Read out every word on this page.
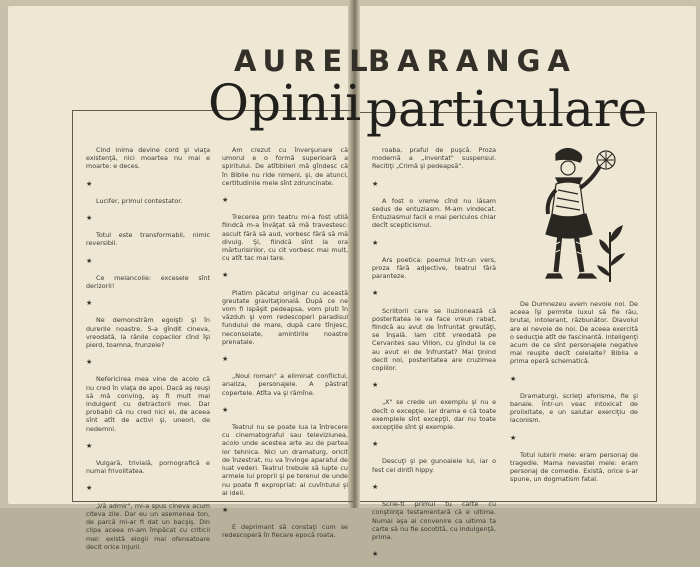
AUREL
BARANGA
Opinii particulare

Cind inima devine cord şi viaţa existenţă, nici moartea nu mai e moarte: e deces.

★

Lucifer, primul contestator.

★

Totul este transformabil, nimic reversibil.

★

Ce melancolie: excesele sînt derizorii!

★

Ne demonstrăm egoişti şi în durerile noastre. S-a gîndit cineva, vreodată, la rănile copacilor cînd îşi pierd, toamna, frunzele?

★

Nefericirea mea vine de acolo că nu cred în viaţa de apoi. Dacă aş reuşi să mă conving, aş fi mult mai indulgent cu detractorii mei. Dar probabil că nu cred nici ei, de aceea sînt atît de activi şi, uneori, de nedemni.

★

Vulgară, trivială, pornografică e numai frivolitatea.

★

„Vă admir", mi-a spus cineva acum citeva zile. Dar eu un asemenea ton, de parcă mi-ar fi dat un bacşiş. Din clipa aceea m-am împăcat cu criticii mei: există elogii mai ofensatoare decit orice injurii.

Am crezut cu înverşunare că umorul e o formă superioară a spiritului. De atîtiblieri mă gîndesc că în Biblie nu ride nimeni, şi, de atunci, certitudinile mele sînt zdruncinate.

★

Trecerea prin teatru mi-a fost utilă fiindcă m-a învăţat să mă travestesc: ascult fără să aud, vorbesc fără să mă divulg. Şi, fiindcă sînt la ora mărturisirilor, cu cit vorbesc mai mult, cu atît tac mai tare.

★

Platim păcatul originar cu această greutate gravitaţională. După ce ne vom fi ispăşit pedeapsa, vom pluti în văzduh şi vom redescoperi paradisul fundului de mare, după care tînjesc, neconsolate, amintirile noastre prenatale.

★

„Noul roman" a eliminat conflictul, analiza, personajele. A păstrat copertele. Atîta va şi rămîne.

★

Teatrul nu se poate lua la întrecere cu cinematograful sau televiziunea, acolo unde acestea arte au de partea lor tehnica. Nici un dramaturg, oricit de înzestrat, nu va învinge aparatul de luat vederi. Teatrul trebuie să lupte cu armele lui proprii şi pe terenul de unde nu poate fi expropriat: al cuvîntului şi al ideii.

★

E deprimant să constaţi cum se redescoperă în fiecare epocă roata,

roaba, praful de puşcă. Proza modernă a „inventat" suspensul. Recitiţi „Crimă şi pedeapsă".

★

A fost o vreme cînd nu lăsam sedus de entuziasm. M-am vindecat. Entuziasmul facil e mai periculos chiar decît scepticismul.

★

Ars poetica: poemul într-un vers, proza fără adjective, teatrul fără paranteze.

★

Scriitorii care se iluzionează că posteritatea le va face vreun rabat, fiindcă au avut de înfruntat greutăţi, se înşală. Iam citit vreodată pe Cervantes sau Villon, cu gîndul la ce au avut ei de înfruntat? Mai ţinind decit noi, posteritatea are cruzimea copiilor.

★

„X" se crede un exemplu şi nu e decît o excepţie. Iar drama e că toate exemplele sînt excepţii, dar nu toate excepţiile sînt şi exemple.

★

Descuţi şi pe gunoaiele lui, iar o fest cel dintîi hippy.

★

Scrie-ti primul tu carte cu conştiinţa testamentară că e ultima. Numai aşa ai convenire ca ultima ta carte să nu fie socotită, cu indulgenţă, prima.

★

De Dumnezeu avem nevoie noi. De aceea îşi permite luxul să fie rău, brutal, intolerant, răzbunător. Diavolul are el nevoie de noi. De aceea exercită o seducţie atît de fascinantă. Inteligenţi acum de ce sînt personajele negative mai reuşite decît celelalte? Biblia e prima operă schematică.

★

Dramaturgi, scrieţi aforisme, fie şi banale. Într-un veac intoxicat de prolixitate, e un salutar exerciţiu de laconism.

★

Totul iubirii mele: eram personaj de tragedie. Mama nevastei mele: eram personaj de comedie. Există, orice s-ar spune, un dogmatism fatal.
